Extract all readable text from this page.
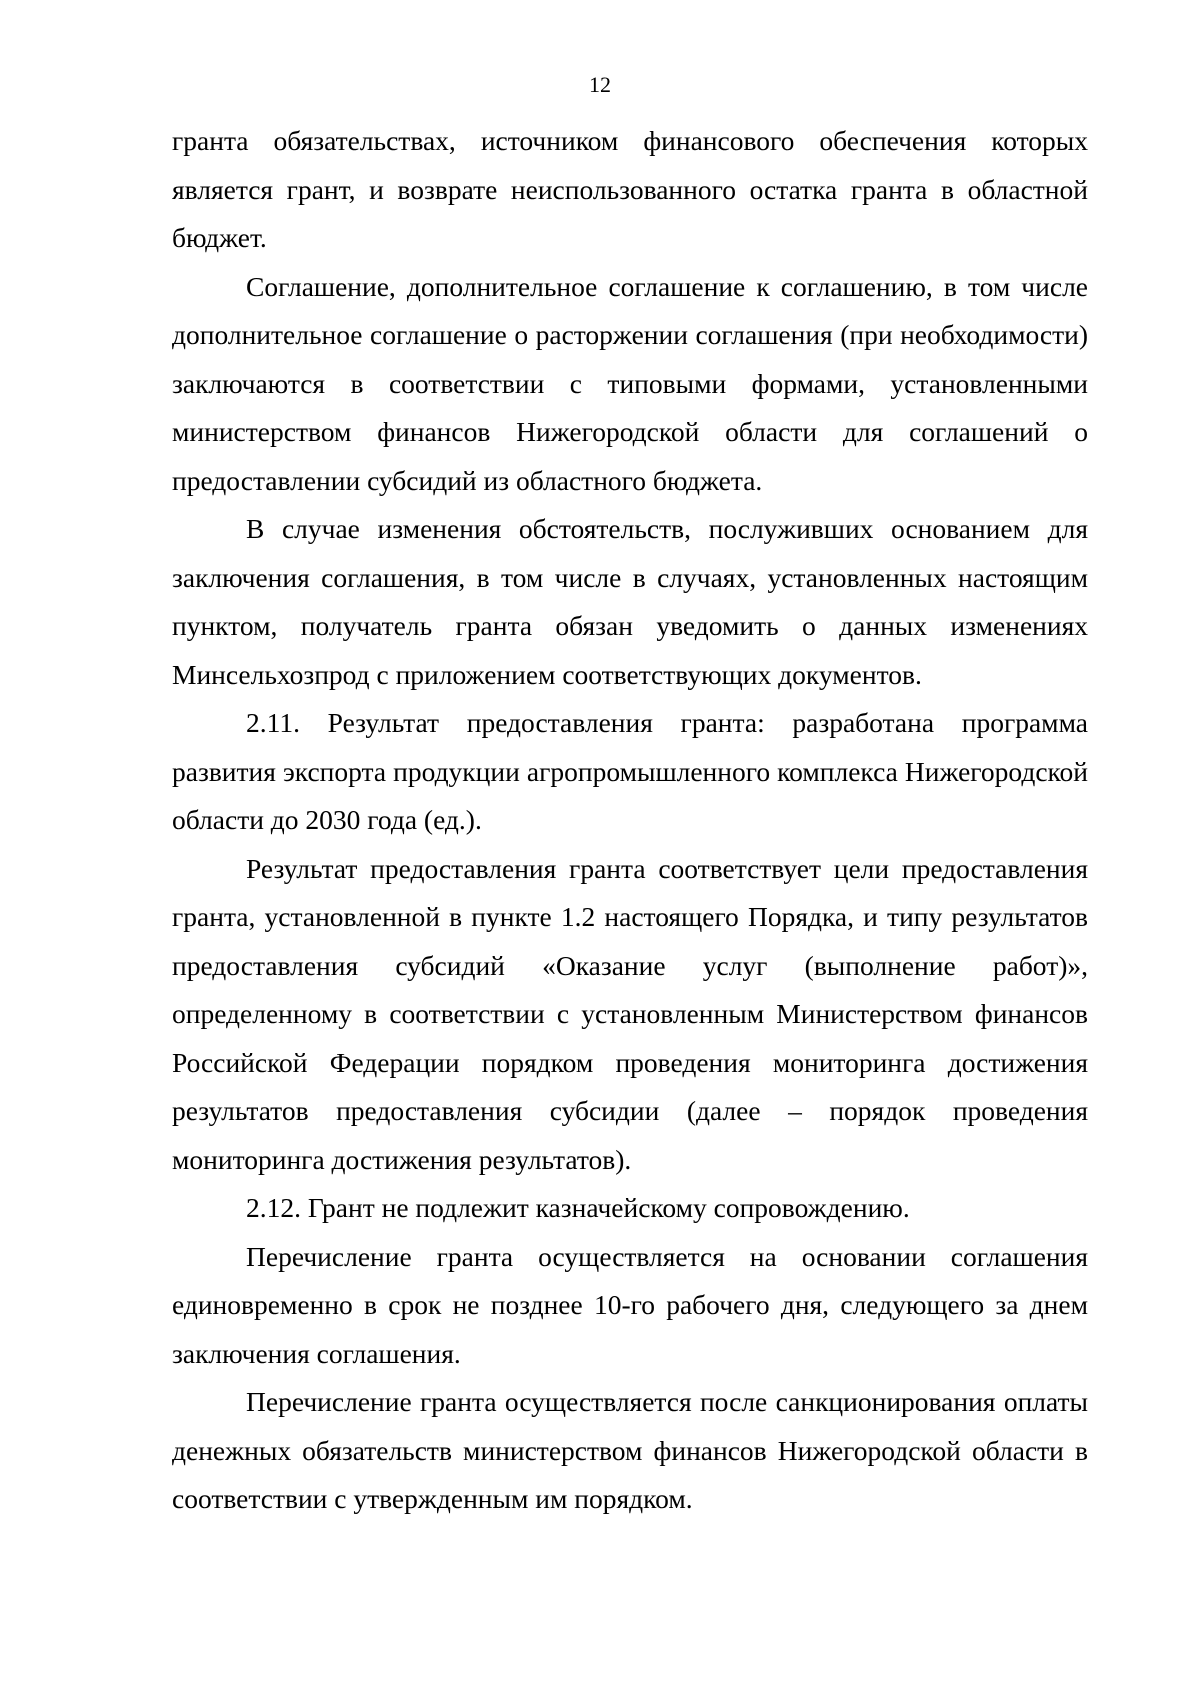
12

гранта обязательствах, источником финансового обеспечения которых является грант, и возврате неиспользованного остатка гранта в областной бюджет.

Соглашение, дополнительное соглашение к соглашению, в том числе дополнительное соглашение о расторжении соглашения (при необходимости) заключаются в соответствии с типовыми формами, установленными министерством финансов Нижегородской области для соглашений о предоставлении субсидий из областного бюджета.

В случае изменения обстоятельств, послуживших основанием для заключения соглашения, в том числе в случаях, установленных настоящим пунктом, получатель гранта обязан уведомить о данных изменениях Минсельхозпрод с приложением соответствующих документов.

2.11. Результат предоставления гранта: разработана программа развития экспорта продукции агропромышленного комплекса Нижегородской области до 2030 года (ед.).

Результат предоставления гранта соответствует цели предоставления гранта, установленной в пункте 1.2 настоящего Порядка, и типу результатов предоставления субсидий «Оказание услуг (выполнение работ)», определенному в соответствии с установленным Министерством финансов Российской Федерации порядком проведения мониторинга достижения результатов предоставления субсидии (далее – порядок проведения мониторинга достижения результатов).

2.12. Грант не подлежит казначейскому сопровождению.

Перечисление гранта осуществляется на основании соглашения единовременно в срок не позднее 10-го рабочего дня, следующего за днем заключения соглашения.

Перечисление гранта осуществляется после санкционирования оплаты денежных обязательств министерством финансов Нижегородской области в соответствии с утвержденным им порядком.
